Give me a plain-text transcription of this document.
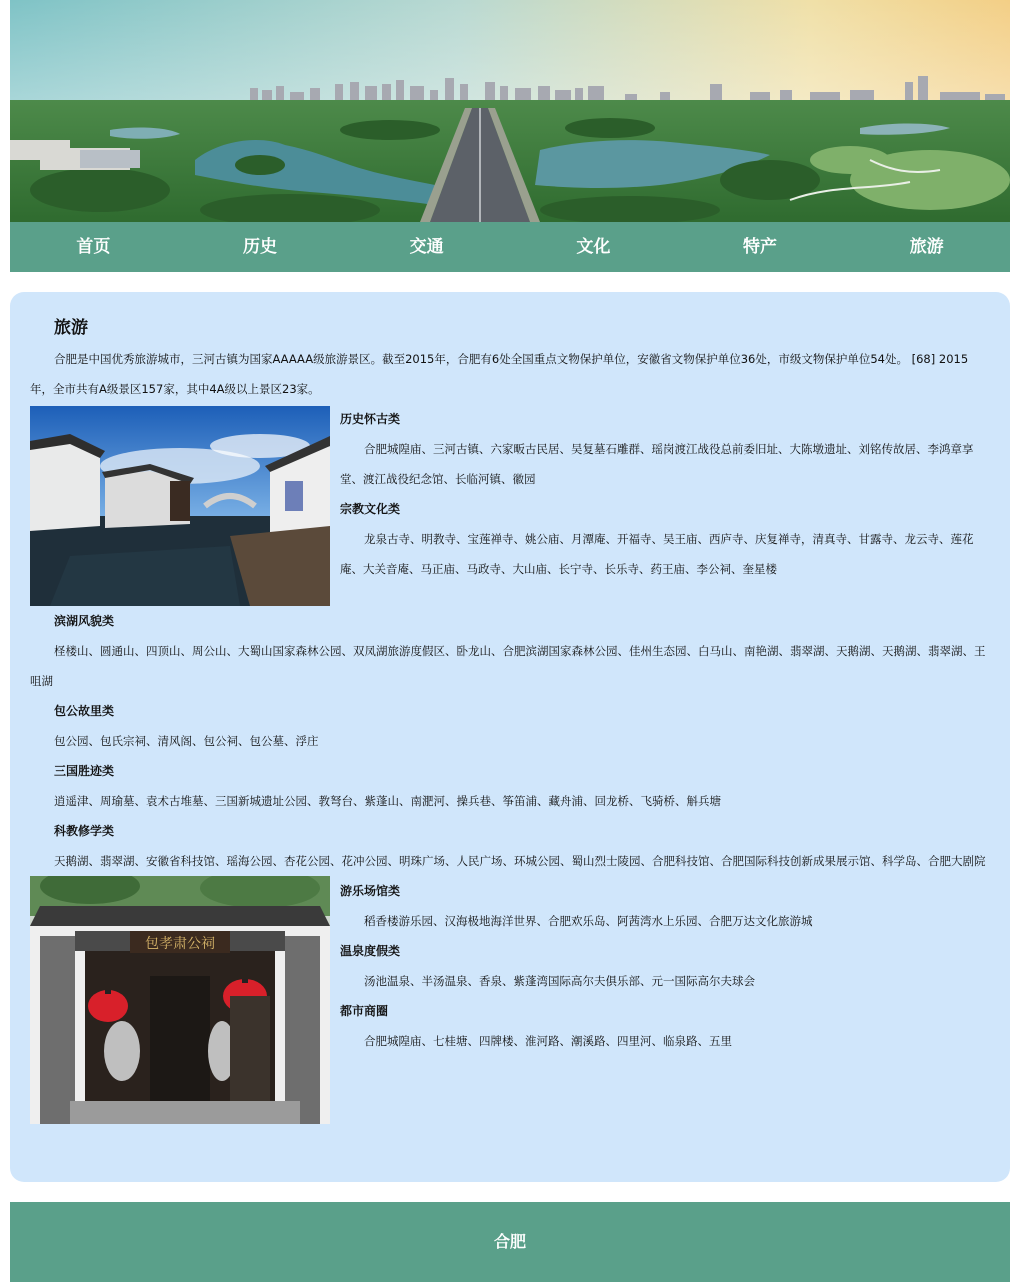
首页	历史	交通	文化	特产	旅游
旅游

合肥是中国优秀旅游城市，三河古镇为国家AAAAA级旅游景区。截至2015年，合肥有6处全国重点文物保护单位，安徽省文物保护单位36处，市级文物保护单位54处。 [68] 2015年，全市共有A级景区157家，其中4A级以上景区23家。

历史怀古类

合肥城隍庙、三河古镇、六家畈古民居、吴复墓石雕群、瑶岗渡江战役总前委旧址、大陈墩遗址、刘铭传故居、李鸿章享堂、渡江战役纪念馆、长临河镇、徽园

宗教文化类

龙泉古寺、明教寺、宝莲禅寺、姚公庙、月潭庵、开福寺、吴王庙、西庐寺、庆复禅寺，清真寺、甘露寺、龙云寺、莲花庵、大关音庵、马正庙、马政寺、大山庙、长宁寺、长乐寺、药王庙、李公祠、奎星楼

滨湖风貌类

柽楼山、圆通山、四顶山、周公山、大蜀山国家森林公园、双凤湖旅游度假区、卧龙山、合肥滨湖国家森林公园、佳州生态园、白马山、南艳湖、翡翠湖、天鹅湖、天鹅湖、翡翠湖、王咀湖

包公故里类

包公园、包氏宗祠、清风阁、包公祠、包公墓、浮庄

三国胜迹类

逍遥津、周瑜墓、袁术古堆墓、三国新城遗址公园、教弩台、紫蓬山、南淝河、操兵巷、筝笛浦、藏舟浦、回龙桥、飞骑桥、斛兵塘

科教修学类

天鹅湖、翡翠湖、安徽省科技馆、瑶海公园、杏花公园、花冲公园、明珠广场、人民广场、环城公园、蜀山烈士陵园、合肥科技馆、合肥国际科技创新成果展示馆、科学岛、合肥大剧院

包孝肃公祠

游乐场馆类

稻香楼游乐园、汉海极地海洋世界、合肥欢乐岛、阿茜湾水上乐园、合肥万达文化旅游城

温泉度假类

汤池温泉、半汤温泉、香泉、紫蓬湾国际高尔夫俱乐部、元一国际高尔夫球会

都市商圈

合肥城隍庙、七桂塘、四牌楼、淮河路、潮溪路、四里河、临泉路、五里

合肥
